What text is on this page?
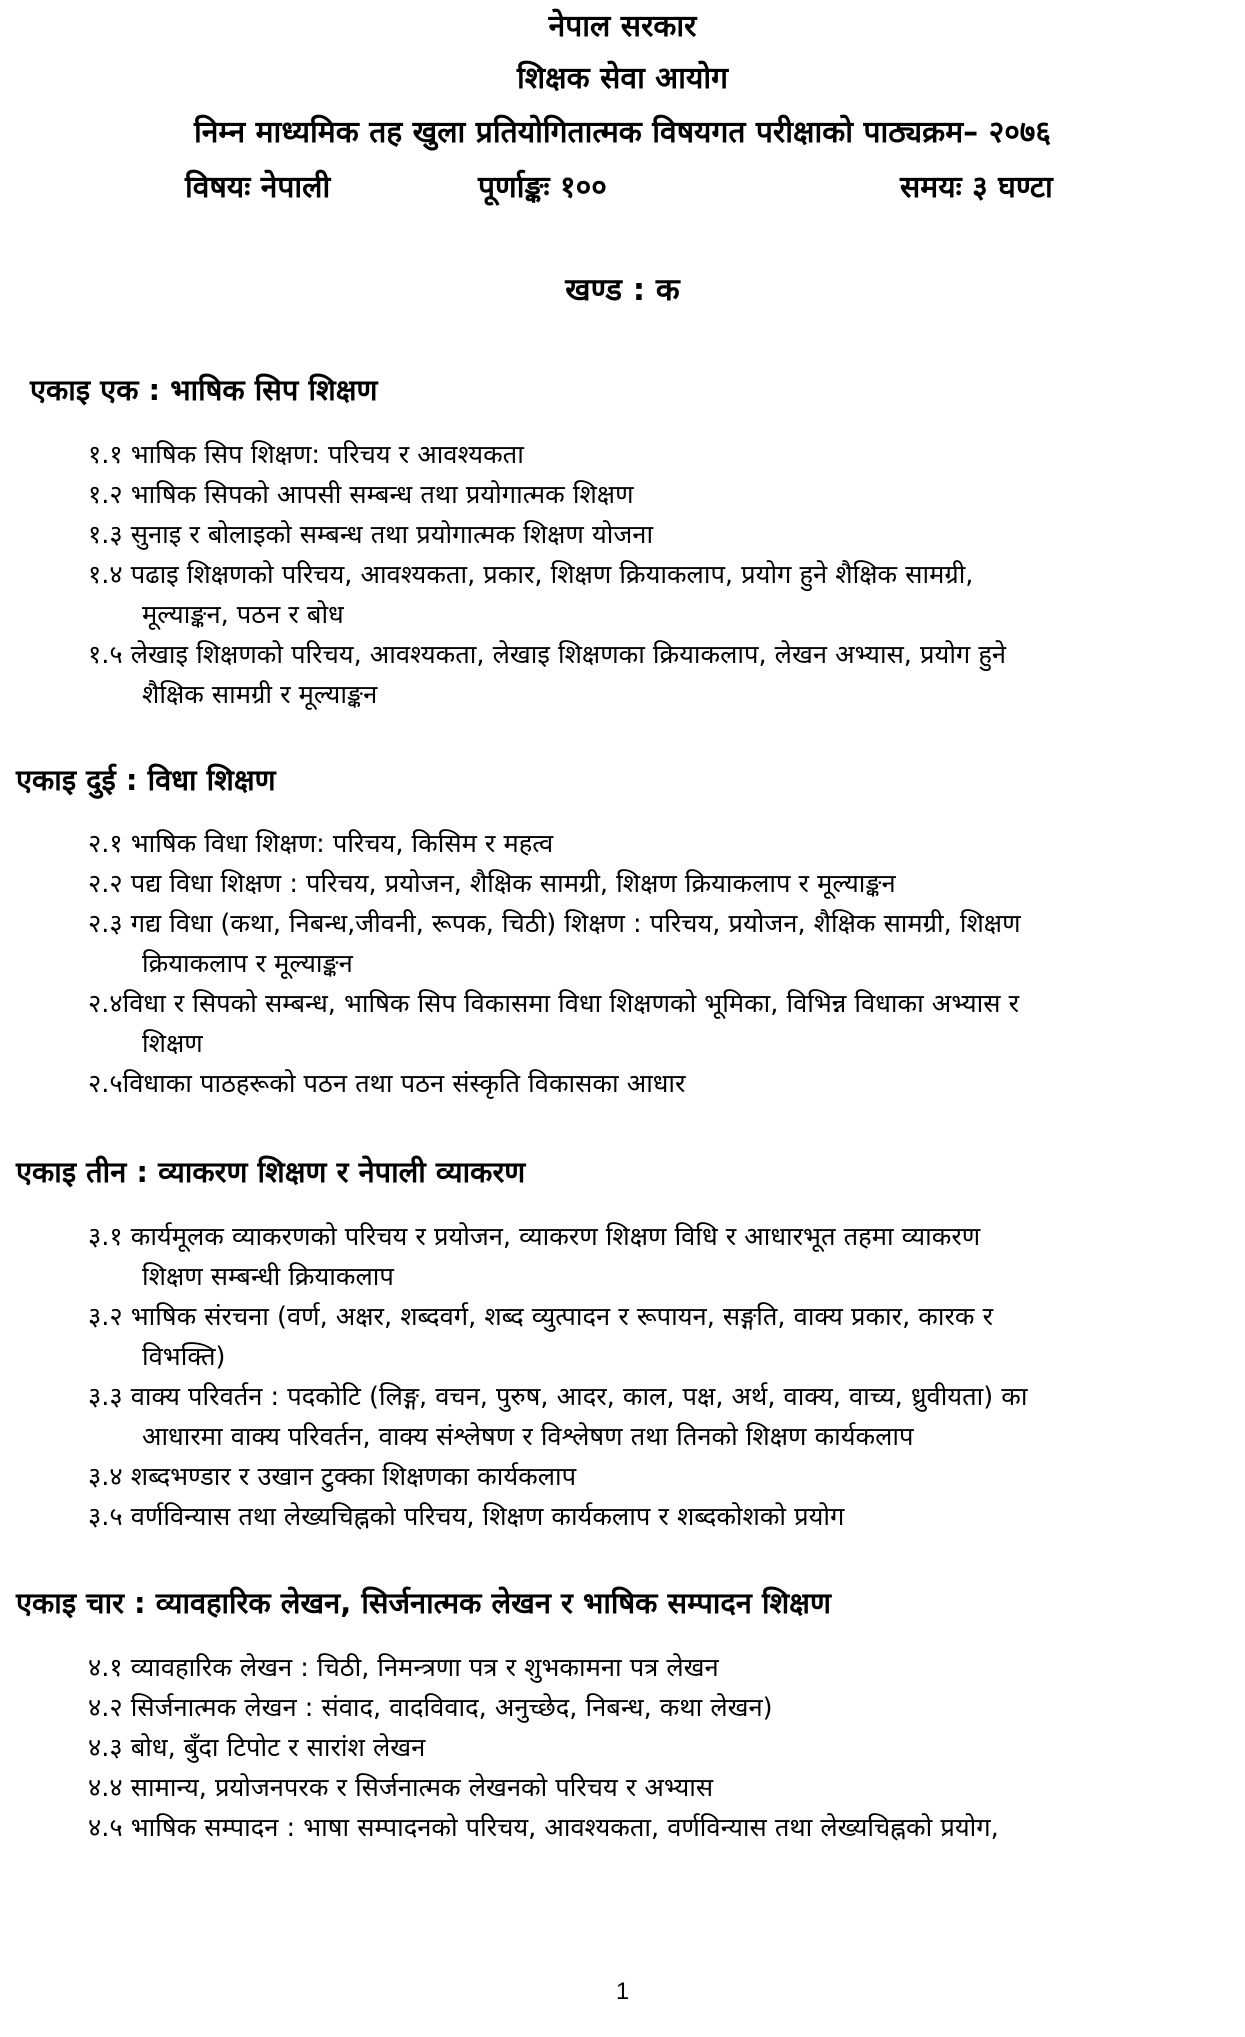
नेपाल सरकार
शिक्षक सेवा आयोग
निम्न माध्यमिक तह खुला प्रतियोगितात्मक विषयगत परीक्षाको पाठ्यक्रम– २०७६
विषयः नेपाली	पूर्णाङ्कः १००	समयः ३ घण्टा
खण्ड : क
एकाइ एक : भाषिक सिप शिक्षण
१.१ भाषिक सिप शिक्षण: परिचय र आवश्यकता
१.२ भाषिक सिपको आपसी सम्बन्ध तथा प्रयोगात्मक शिक्षण
१.३ सुनाइ र बोलाइको सम्बन्ध तथा प्रयोगात्मक शिक्षण योजना
१.४ पढाइ शिक्षणको परिचय, आवश्यकता, प्रकार, शिक्षण क्रियाकलाप, प्रयोग हुने शैक्षिक सामग्री,
मूल्याङ्कन, पठन र बोध
१.५ लेखाइ शिक्षणको परिचय, आवश्यकता, लेखाइ शिक्षणका क्रियाकलाप, लेखन अभ्यास, प्रयोग हुने
शैक्षिक सामग्री र मूल्याङ्कन
एकाइ दुई : विधा शिक्षण
२.१ भाषिक विधा शिक्षण: परिचय, किसिम र महत्व
२.२ पद्य विधा शिक्षण : परिचय, प्रयोजन, शैक्षिक सामग्री, शिक्षण क्रियाकलाप र मूल्याङ्कन
२.३ गद्य विधा (कथा, निबन्ध,जीवनी, रूपक, चिठी) शिक्षण : परिचय, प्रयोजन, शैक्षिक सामग्री, शिक्षण
क्रियाकलाप र मूल्याङ्कन
२.४विधा र सिपको सम्बन्ध, भाषिक सिप विकासमा विधा शिक्षणको भूमिका, विभिन्न विधाका अभ्यास र
शिक्षण
२.५विधाका पाठहरूको पठन तथा पठन संस्कृति विकासका आधार
एकाइ तीन : व्याकरण शिक्षण र नेपाली व्याकरण
३.१ कार्यमूलक व्याकरणको परिचय र प्रयोजन, व्याकरण शिक्षण विधि र आधारभूत तहमा व्याकरण
शिक्षण सम्बन्धी क्रियाकलाप
३.२ भाषिक संरचना (वर्ण, अक्षर, शब्दवर्ग, शब्द व्युत्पादन र रूपायन, सङ्गति, वाक्य प्रकार, कारक र
विभक्ति)
३.३ वाक्य परिवर्तन : पदकोटि (लिङ्ग, वचन, पुरुष, आदर, काल, पक्ष, अर्थ, वाक्य, वाच्य, ध्रुवीयता) का
आधारमा वाक्य परिवर्तन, वाक्य संश्लेषण र विश्लेषण तथा तिनको शिक्षण कार्यकलाप
३.४ शब्दभण्डार र उखान टुक्का शिक्षणका कार्यकलाप
३.५ वर्णविन्यास तथा लेख्यचिह्नको परिचय, शिक्षण कार्यकलाप र शब्दकोशको प्रयोग
एकाइ चार : व्यावहारिक लेखन, सिर्जनात्मक लेखन र भाषिक सम्पादन शिक्षण
४.१ व्यावहारिक लेखन : चिठी, निमन्त्रणा पत्र र शुभकामना पत्र लेखन
४.२ सिर्जनात्मक लेखन : संवाद, वादविवाद, अनुच्छेद, निबन्ध, कथा लेखन)
४.३ बोध, बुँदा टिपोट र सारांश लेखन
४.४ सामान्य, प्रयोजनपरक र सिर्जनात्मक लेखनको परिचय र अभ्यास
४.५ भाषिक सम्पादन : भाषा सम्पादनको परिचय, आवश्यकता, वर्णविन्यास तथा लेख्यचिह्नको प्रयोग,
1
